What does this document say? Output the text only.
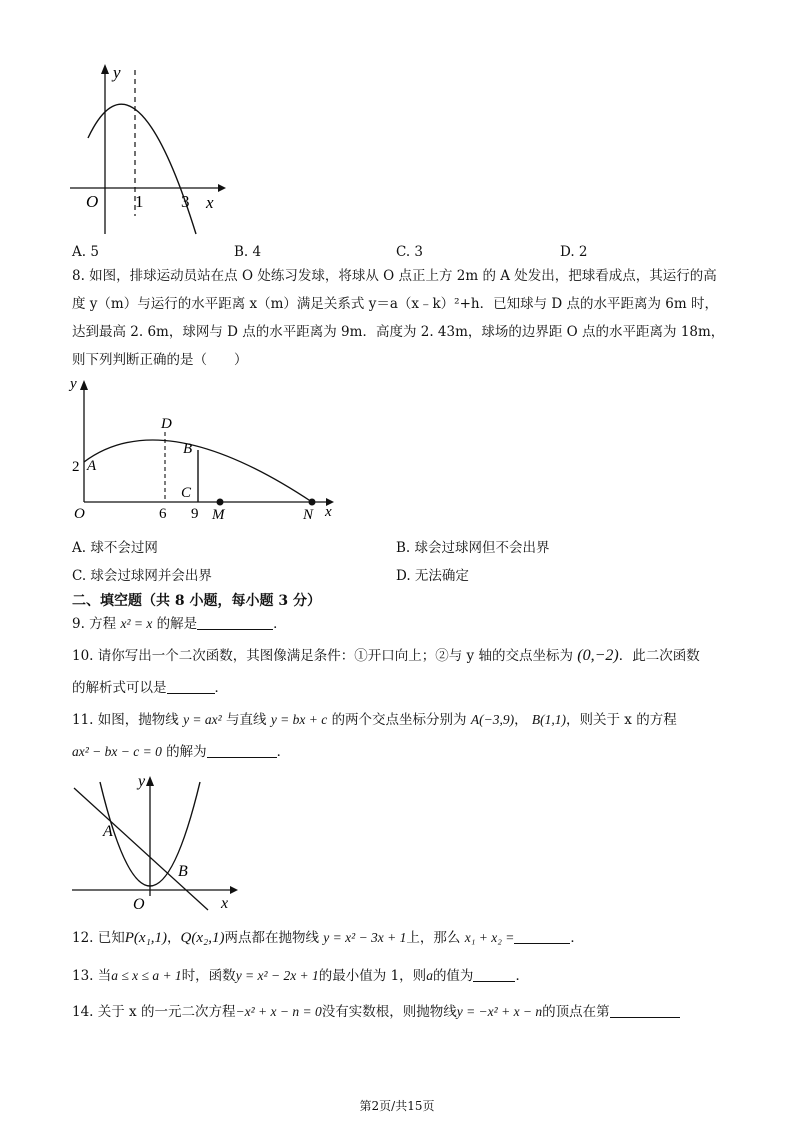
y
x
O 1 3
A. 5	B. 4	C. 3	D. 2
8. 如图，排球运动员站在点 O 处练习发球，将球从 O 点正上方 2m 的 A 处发出，把球看成点，其运行的高
度 y（m）与运行的水平距离 x（m）满足关系式 y＝a（x﹣k）²+h．已知球与 D 点的水平距离为 6m 时，
达到最高 2. 6m，球网与 D 点的水平距离为 9m．高度为 2. 43m，球场的边界距 O 点的水平距离为 18m，
则下列判断正确的是（　　）
y
x
O
2 A
D
B
C
6 9 M	N
A. 球不会过网	B. 球会过球网但不会出界
C. 球会过球网并会出界	D. 无法确定
二、填空题（共 8 小题，每小题 3 分）
9. 方程 x² = x 的解是	．
10. 请你写出一个二次函数，其图像满足条件：①开口向上；②与 y 轴的交点坐标为 (0,−2)．此二次函数
的解析式可以是	．
11. 如图，抛物线 y = ax² 与直线 y = bx + c 的两个交点坐标分别为 A(−3,9)， B(1,1)，则关于 x 的方程
ax² − bx − c = 0 的解为	．
y
x
O
A
B
12. 已知P(x₁,1)，Q(x₂,1)两点都在抛物线 y = x² − 3x + 1上，那么 x₁ + x₂ =	．
13. 当a ≤ x ≤ a + 1时，函数y = x² − 2x + 1的最小值为 1，则a的值为	．
14. 关于 x 的一元二次方程−x² + x − n = 0没有实数根，则抛物线y = −x² + x − n的顶点在第
第2页/共15页
